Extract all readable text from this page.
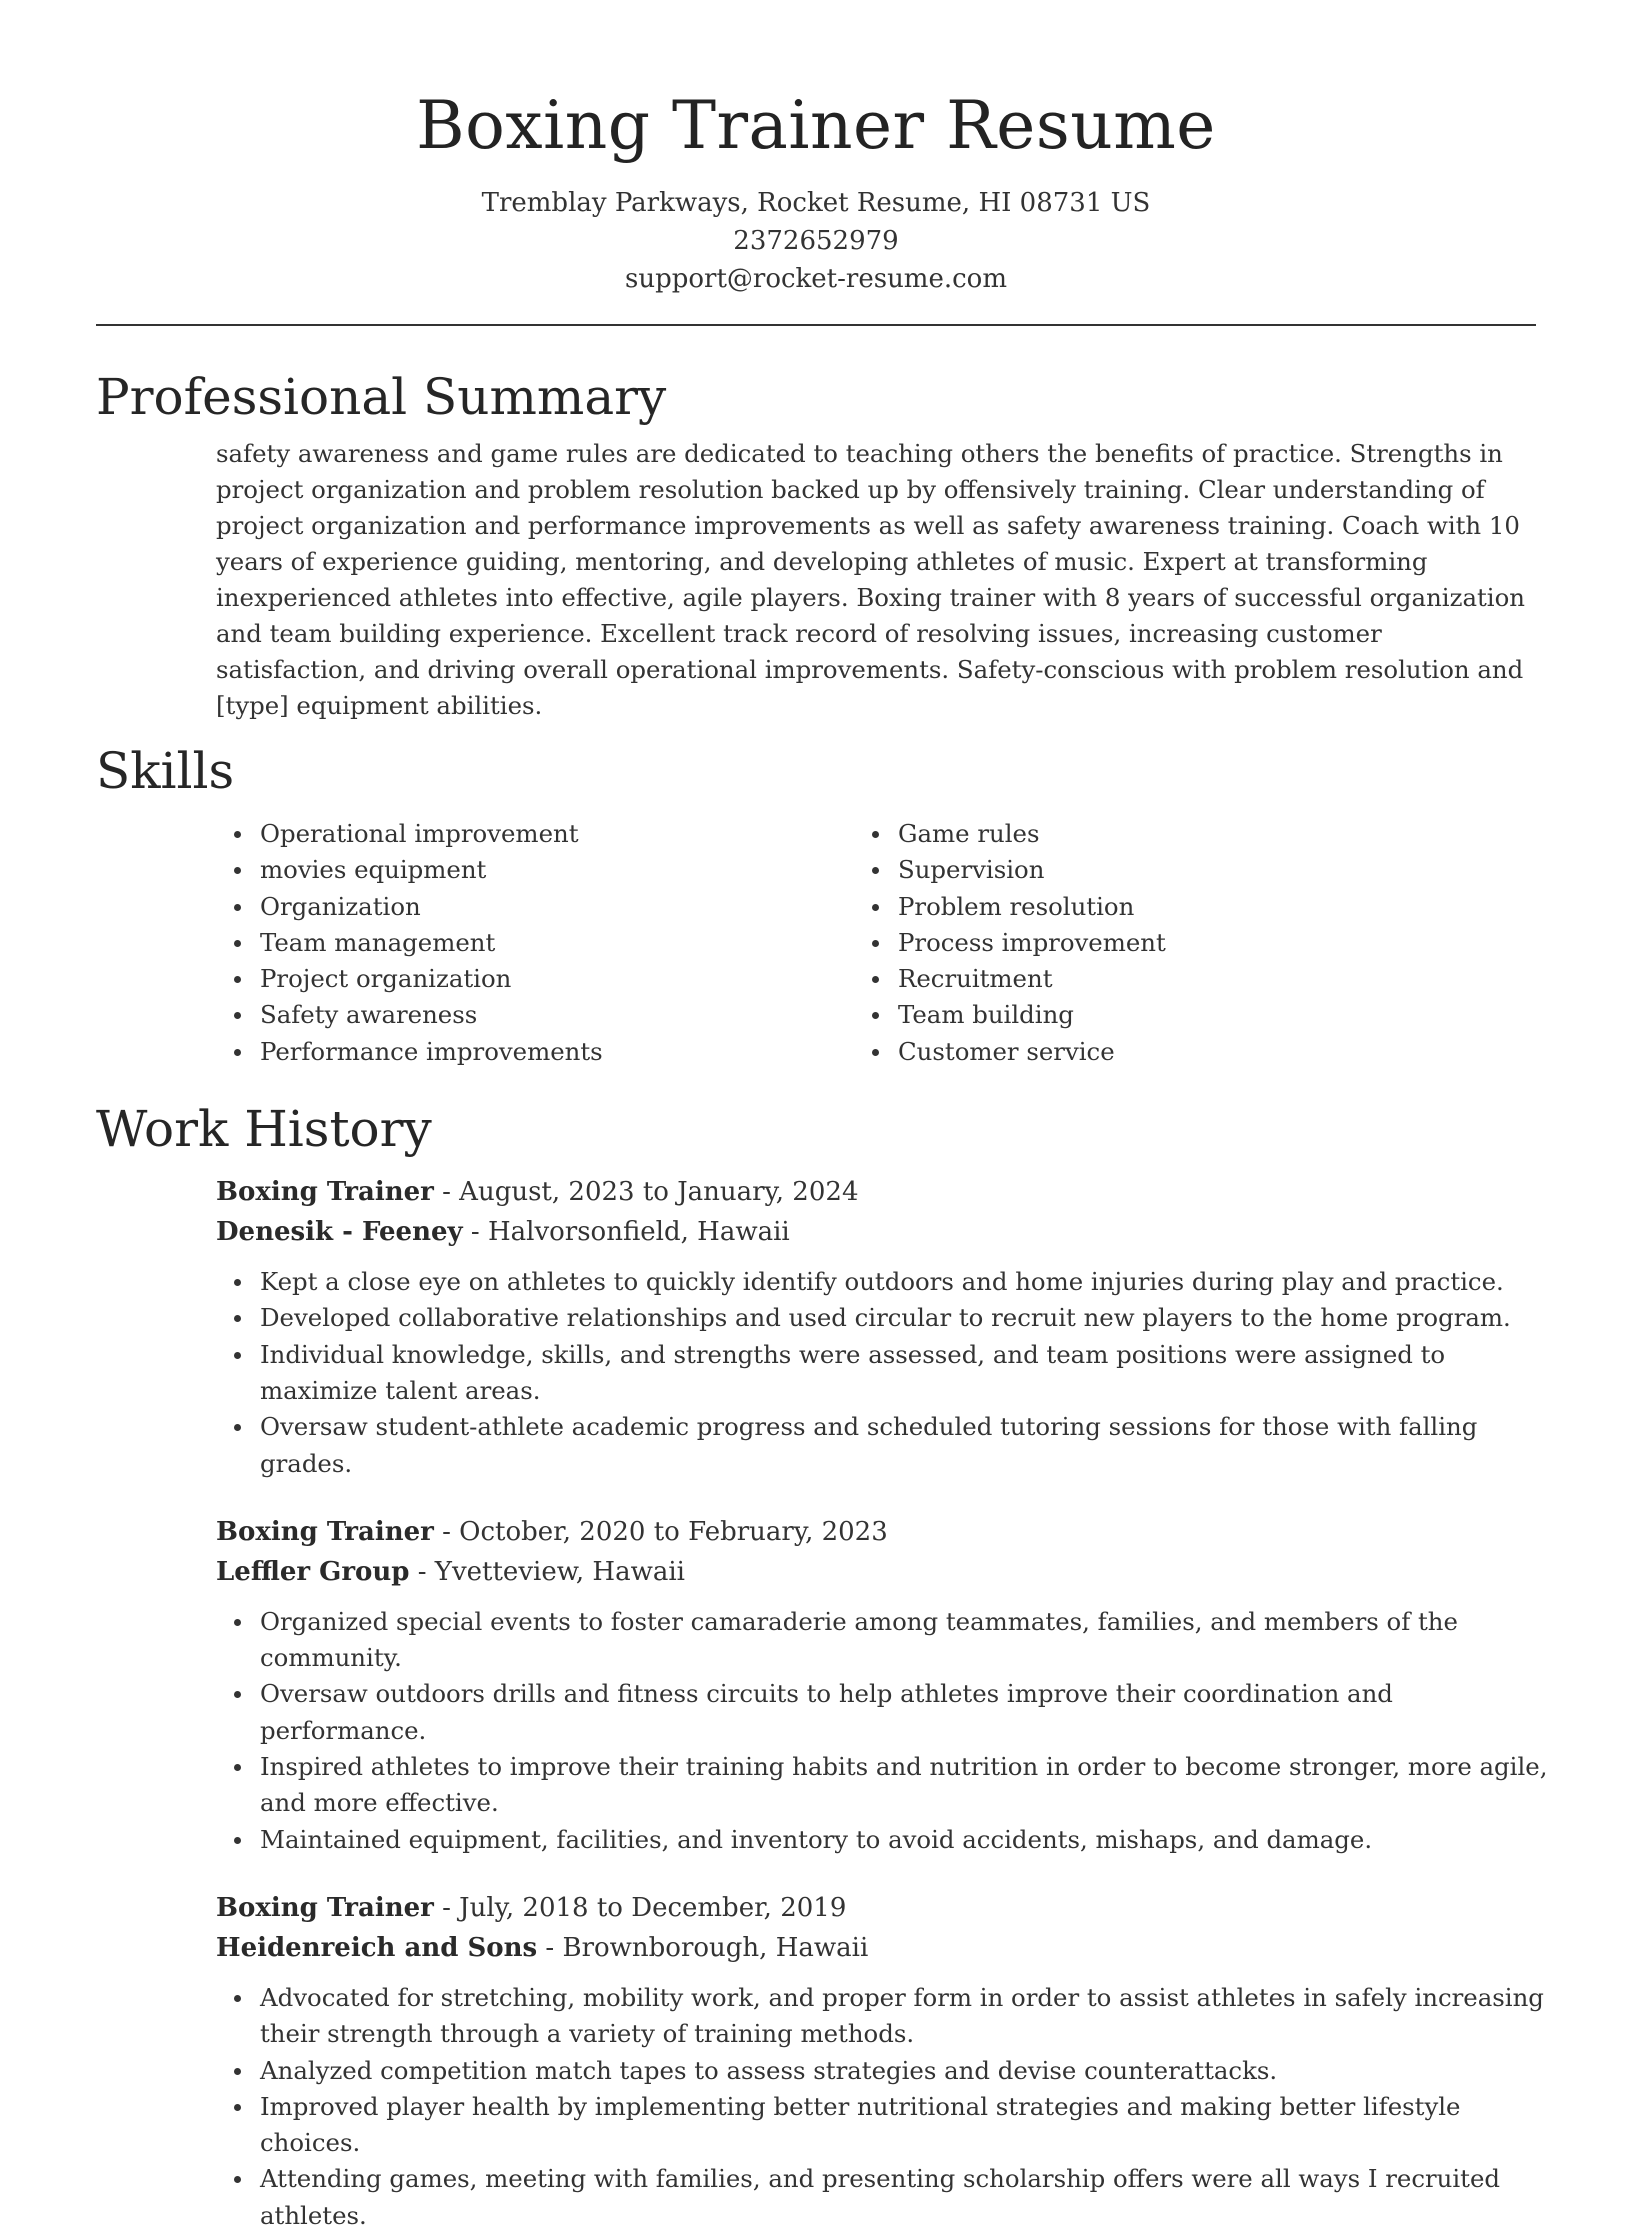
Boxing Trainer Resume
Tremblay Parkways, Rocket Resume, HI 08731 US
2372652979
support@rocket-resume.com
Professional Summary

safety awareness and game rules are dedicated to teaching others the benefits of practice. Strengths in project organization and problem resolution backed up by offensively training. Clear understanding of project organization and performance improvements as well as safety awareness training. Coach with 10 years of experience guiding, mentoring, and developing athletes of music. Expert at transforming inexperienced athletes into effective, agile players. Boxing trainer with 8 years of successful organization and team building experience. Excellent track record of resolving issues, increasing customer satisfaction, and driving overall operational improvements. Safety-conscious with problem resolution and [type] equipment abilities.

Skills
Operational improvement
movies equipment
Organization
Team management
Project organization
Safety awareness
Performance improvements
Game rules
Supervision
Problem resolution
Process improvement
Recruitment
Team building
Customer service
Work History
Boxing Trainer - August, 2023 to January, 2024
Denesik - Feeney - Halvorsonfield, Hawaii
Kept a close eye on athletes to quickly identify outdoors and home injuries during play and practice.
Developed collaborative relationships and used circular to recruit new players to the home program.
Individual knowledge, skills, and strengths were assessed, and team positions were assigned to maximize talent areas.
Oversaw student-athlete academic progress and scheduled tutoring sessions for those with falling grades.
Boxing Trainer - October, 2020 to February, 2023
Leffler Group - Yvetteview, Hawaii
Organized special events to foster camaraderie among teammates, families, and members of the community.
Oversaw outdoors drills and fitness circuits to help athletes improve their coordination and performance.
Inspired athletes to improve their training habits and nutrition in order to become stronger, more agile, and more effective.
Maintained equipment, facilities, and inventory to avoid accidents, mishaps, and damage.
Boxing Trainer - July, 2018 to December, 2019
Heidenreich and Sons - Brownborough, Hawaii
Advocated for stretching, mobility work, and proper form in order to assist athletes in safely increasing their strength through a variety of training methods.
Analyzed competition match tapes to assess strategies and devise counterattacks.
Improved player health by implementing better nutritional strategies and making better lifestyle choices.
Attending games, meeting with families, and presenting scholarship offers were all ways I recruited athletes.
